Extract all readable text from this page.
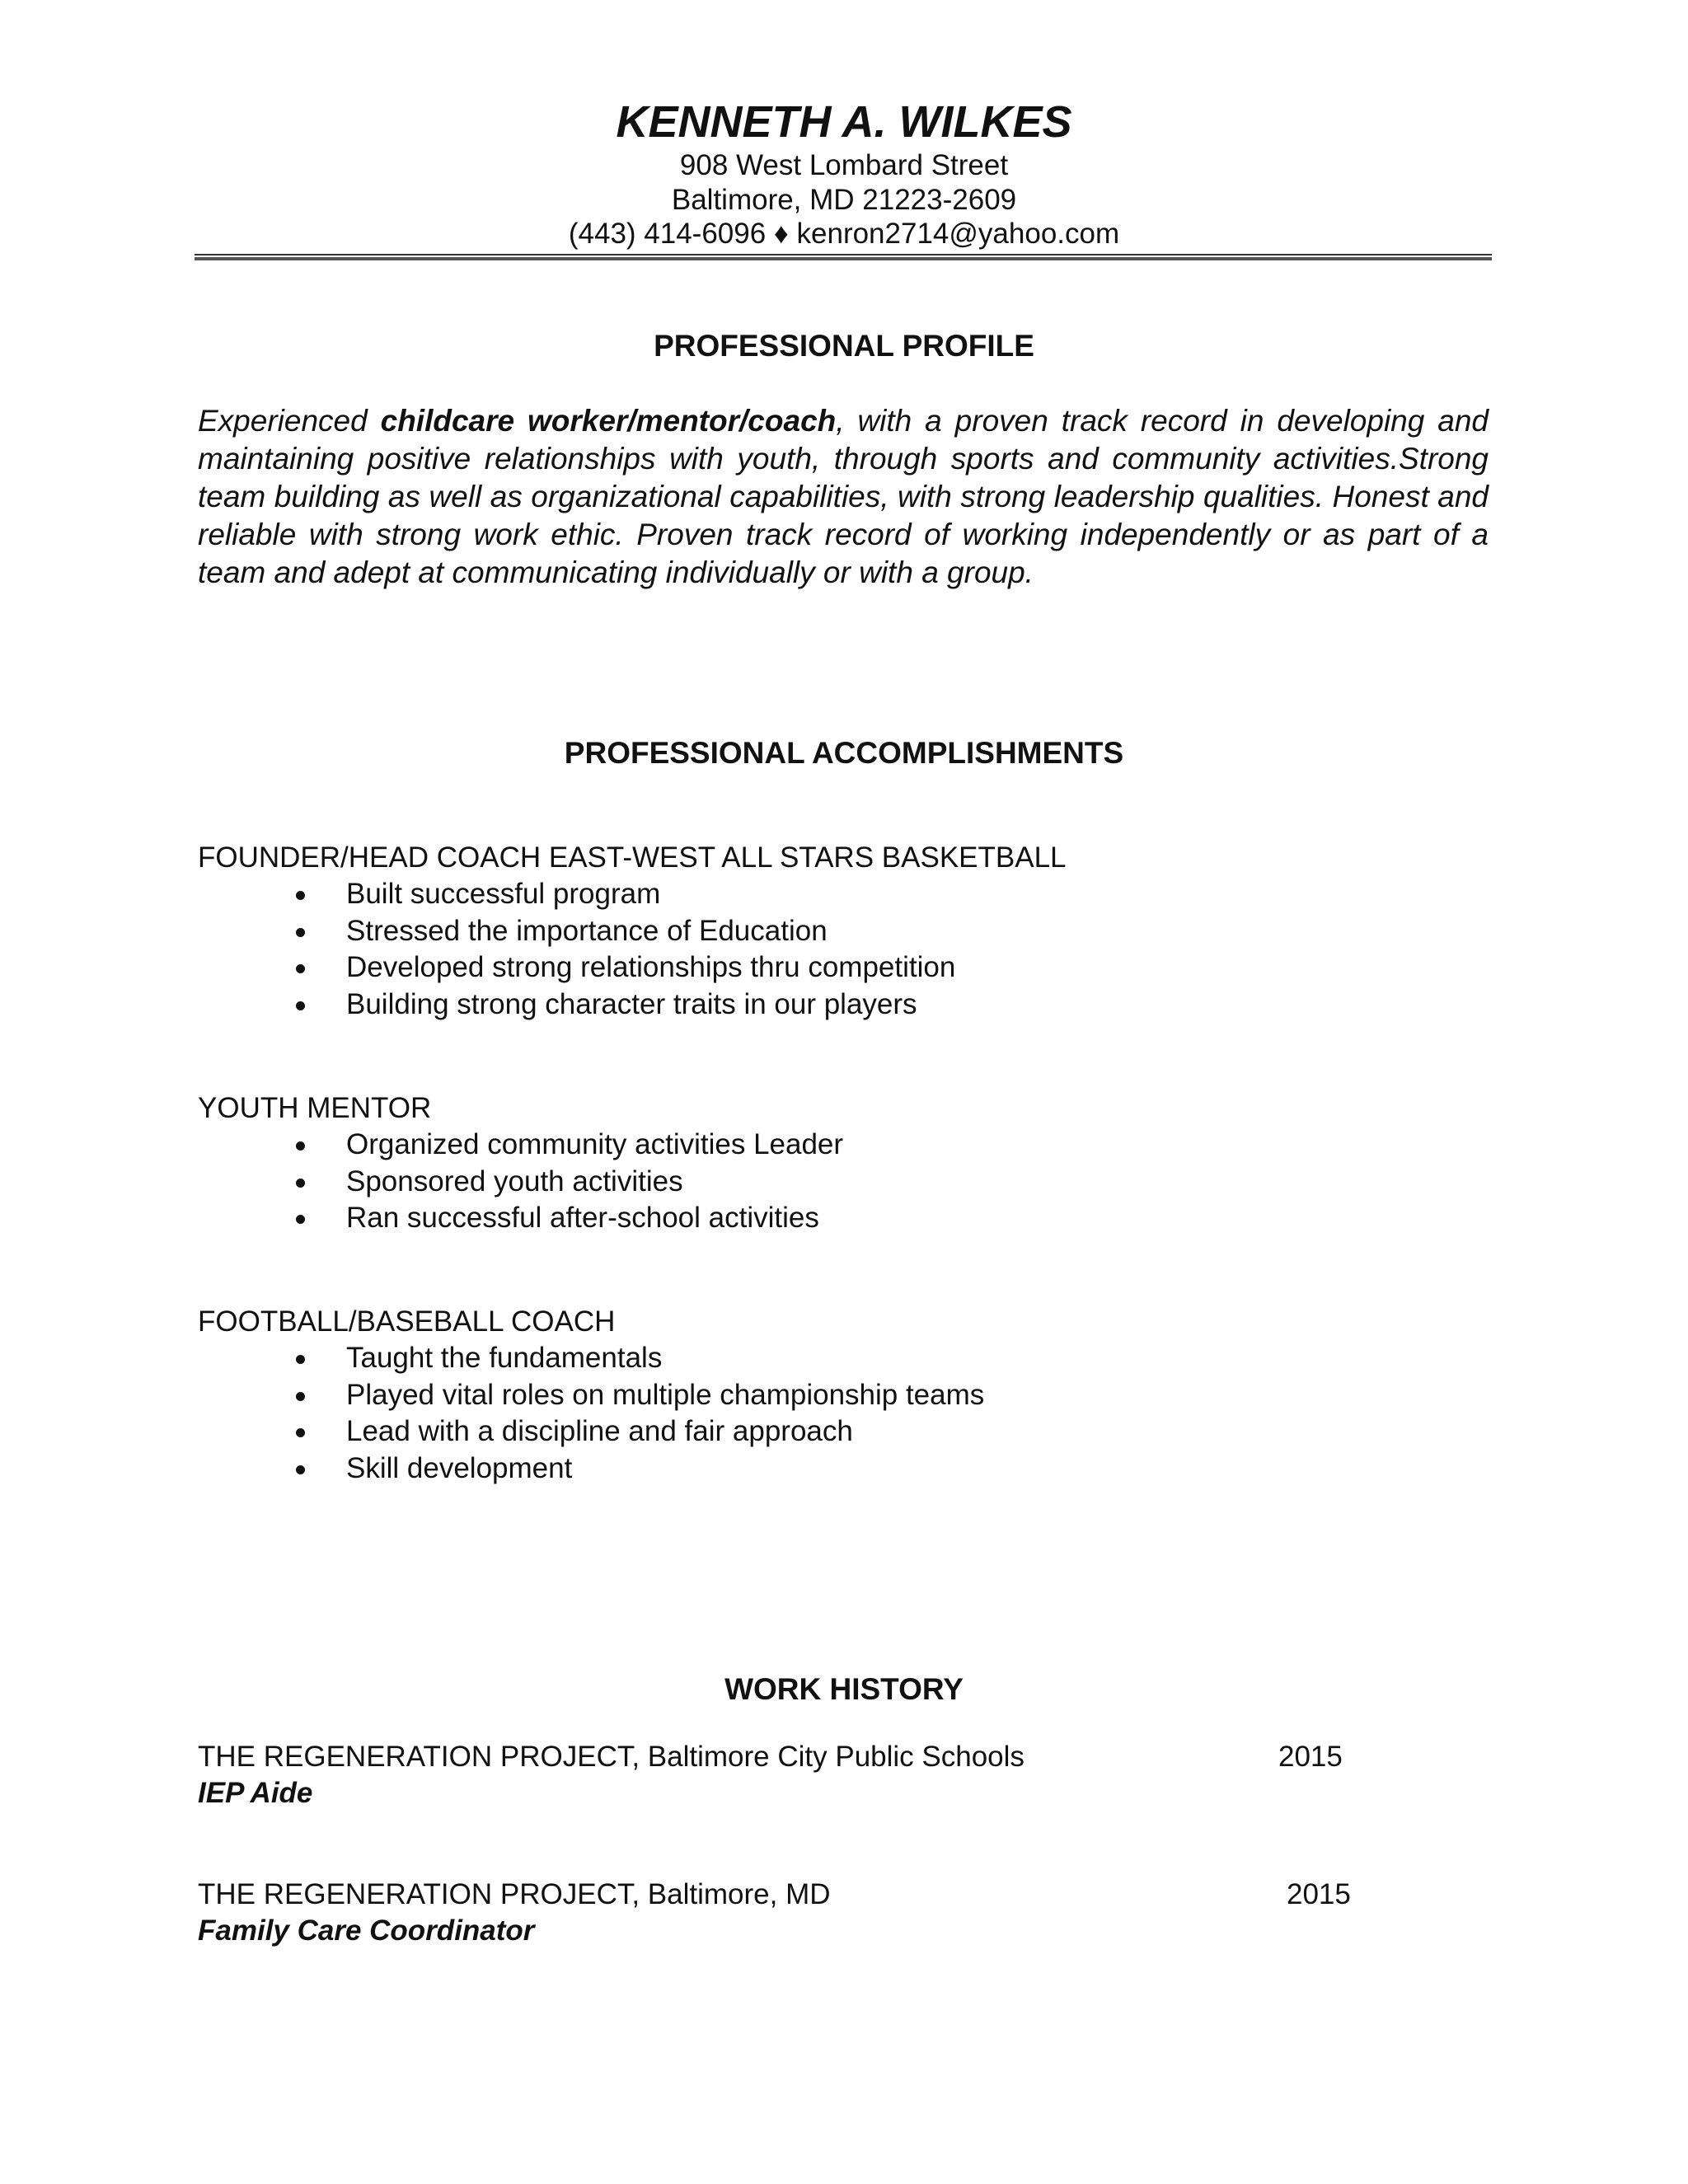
KENNETH A. WILKES
908 West Lombard Street
Baltimore, MD 21223-2609
(443) 414-6096 ♦ kenron2714@yahoo.com
PROFESSIONAL PROFILE

Experienced childcare worker/mentor/coach, with a proven track record in developing and maintaining positive relationships with youth, through sports and community activities.Strong team building as well as organizational capabilities, with strong leadership qualities. Honest and reliable with strong work ethic. Proven track record of working independently or as part of a team and adept at communicating individually or with a group.

PROFESSIONAL ACCOMPLISHMENTS
FOUNDER/HEAD COACH EAST-WEST ALL STARS BASKETBALL
Built successful program
Stressed the importance of Education
Developed strong relationships thru competition
Building strong character traits in our players
YOUTH MENTOR
Organized community activities Leader
Sponsored youth activities
Ran successful after-school activities
FOOTBALL/BASEBALL COACH
Taught the fundamentals
Played vital roles on multiple championship teams
Lead with a discipline and fair approach
Skill development
WORK HISTORY
THE REGENERATION PROJECT, Baltimore City Public Schools	2015
IEP Aide
THE REGENERATION PROJECT, Baltimore, MD	2015
Family Care Coordinator
